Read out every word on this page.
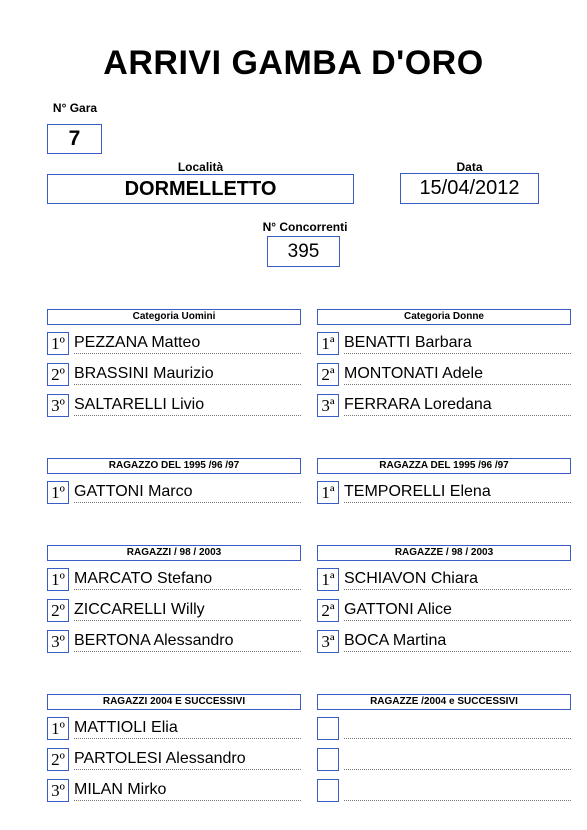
ARRIVI GAMBA D'ORO
N° Gara
7
Località
DORMELLETTO
Data
15/04/2012
N° Concorrenti
395
Categoria Uomini
1º PEZZANA Matteo
2º BRASSINI Maurizio
3º SALTARELLI Livio
Categoria Donne
1ª BENATTI Barbara
2ª MONTONATI Adele
3ª FERRARA Loredana
RAGAZZO DEL 1995 /96 /97
1º GATTONI Marco
RAGAZZA DEL 1995 /96 /97
1ª TEMPORELLI Elena
RAGAZZI / 98 / 2003
1º MARCATO Stefano
2º ZICCARELLI Willy
3º BERTONA Alessandro
RAGAZZE / 98 / 2003
1ª SCHIAVON Chiara
2ª GATTONI Alice
3ª BOCA Martina
RAGAZZI 2004 E SUCCESSIVI
1º MATTIOLI Elia
2º PARTOLESI Alessandro
3º MILAN Mirko
RAGAZZE /2004 e SUCCESSIVI
